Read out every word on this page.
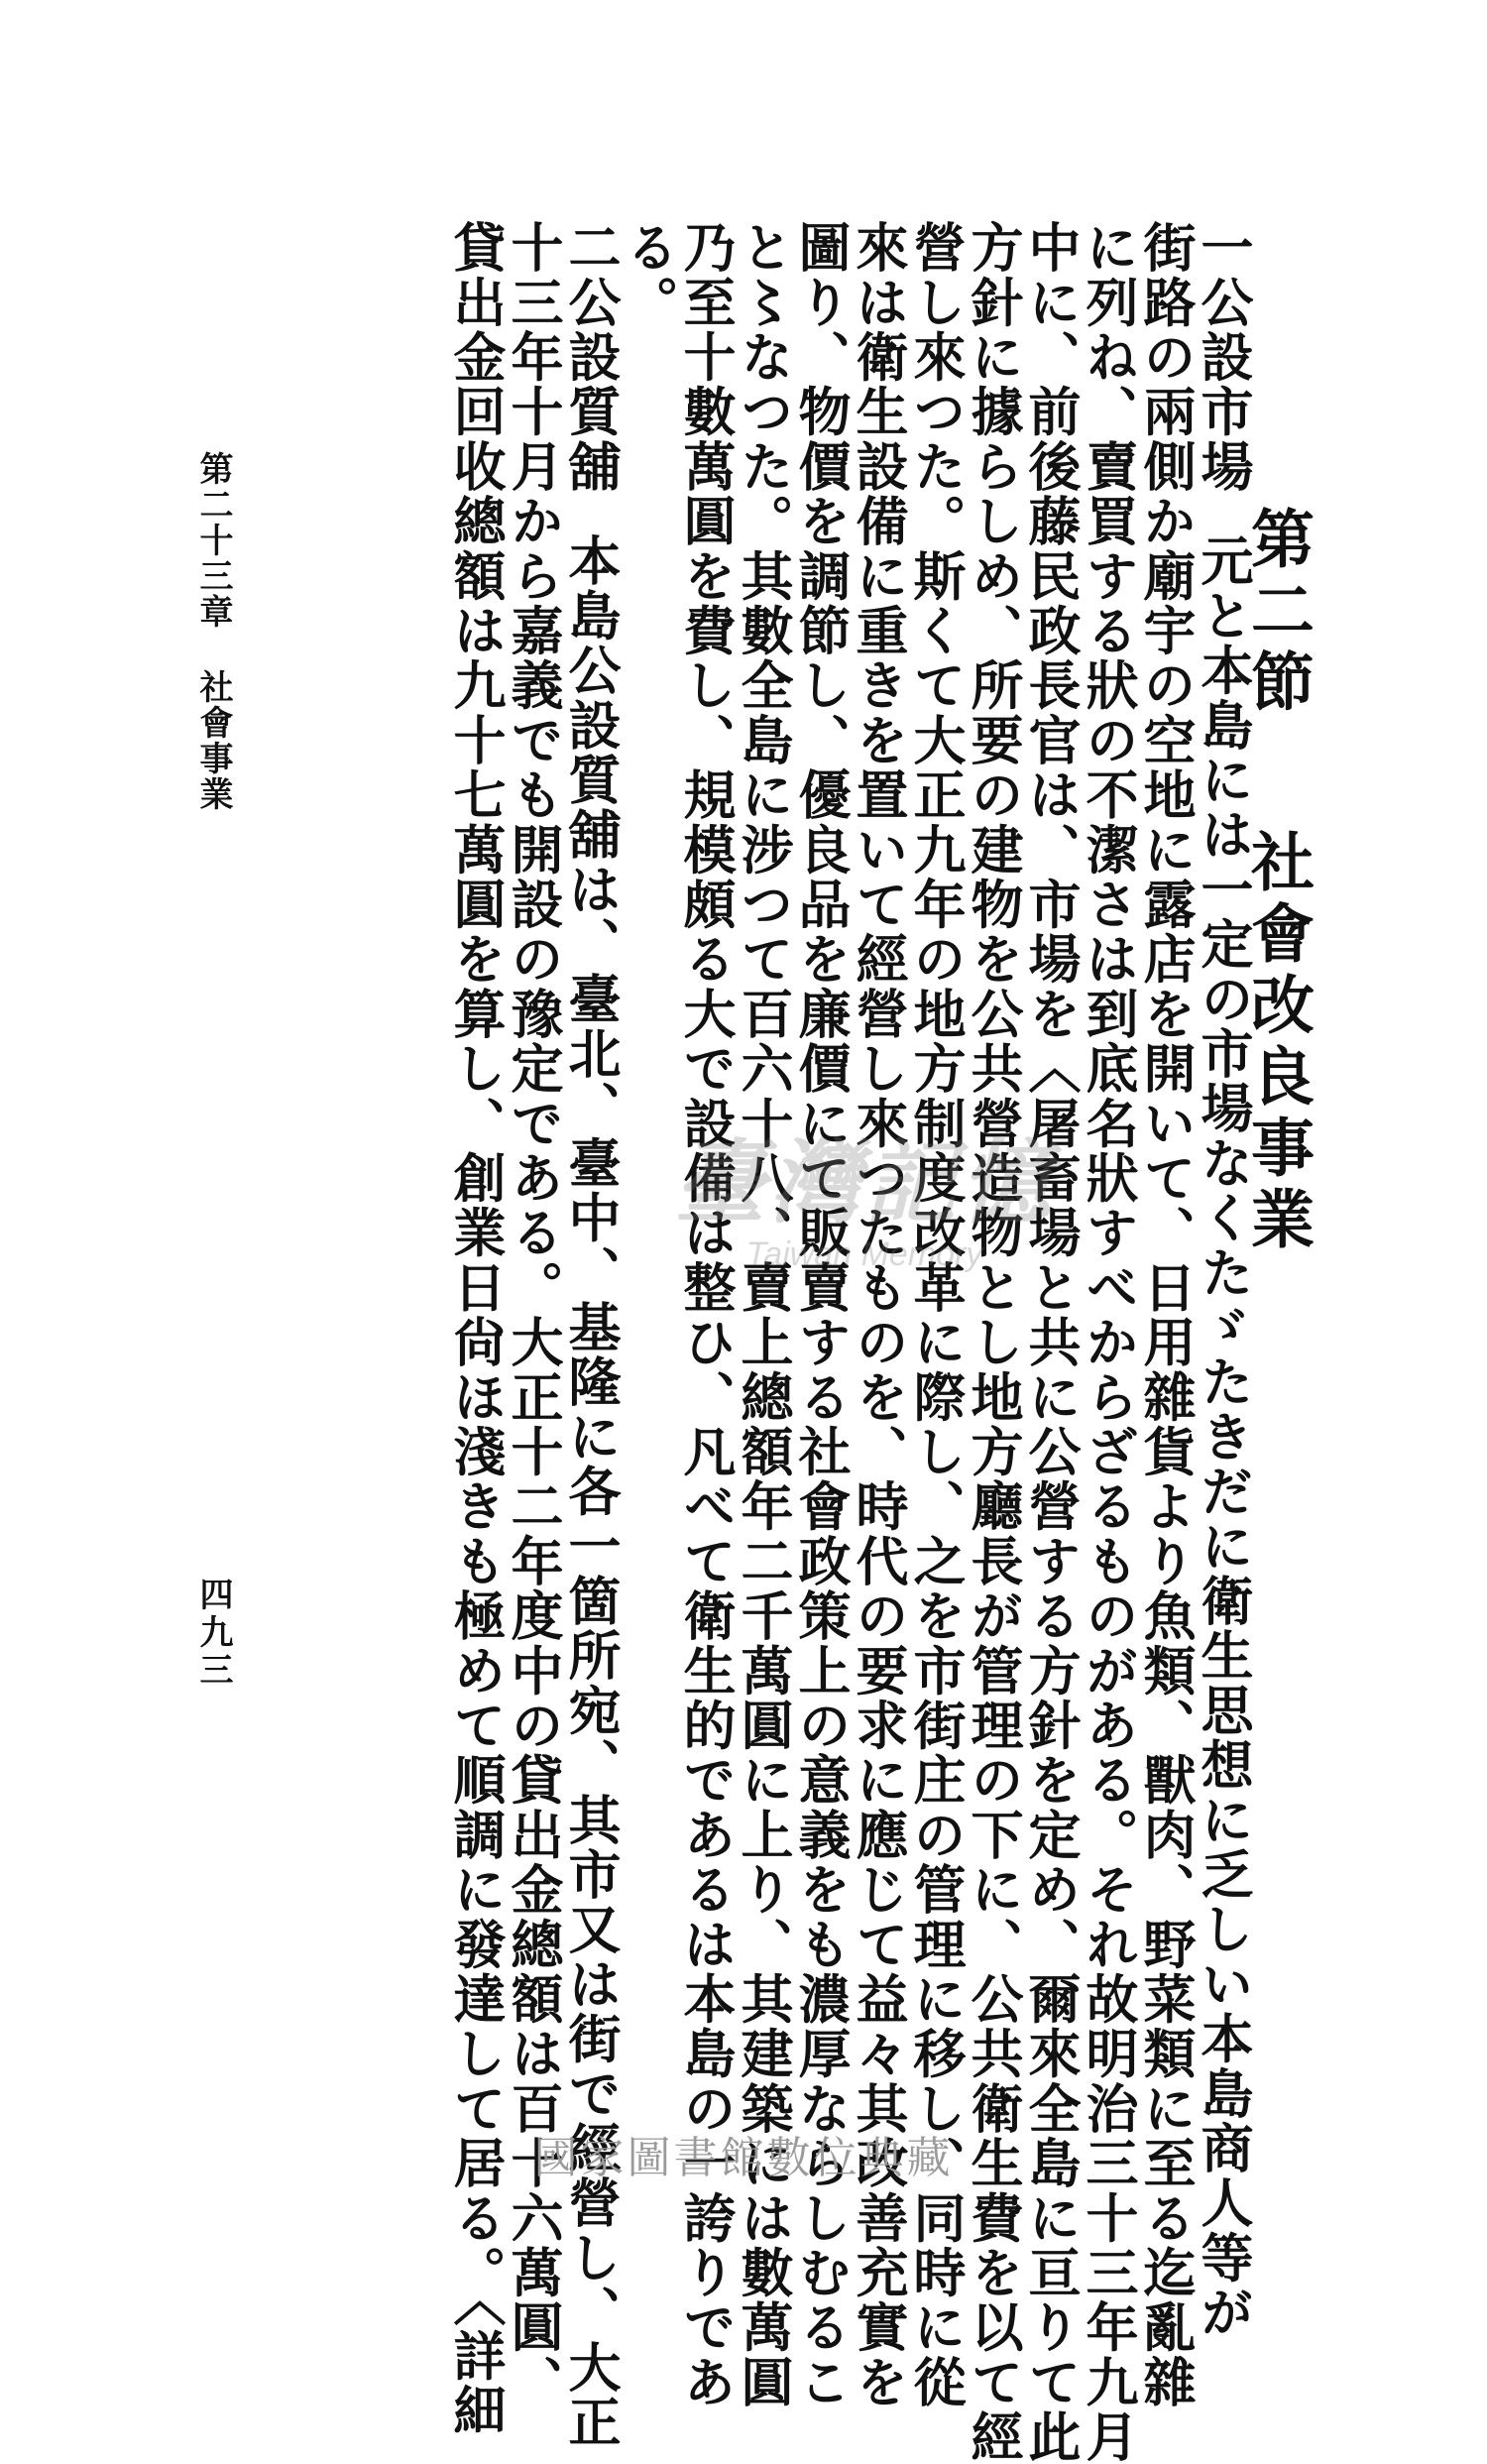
第二節社會改良事業
一公設市場元と本島には一定の市場なくたゞたきだに衛生思想に乏しい本島商人等が
街路の兩側か廟宇の空地に露店を開いて、日用雜貨より魚類、獸肉、野菜類に至る迄亂雜
に列ね、賣買する狀の不潔さは到底名狀すべからざるものがある。それ故明治三十三年九月
中に、前後藤民政長官は、市場を〈屠畜場と共に公營する方針を定め、爾來全島に亘りて此
方針に據らしめ、所要の建物を公共營造物とし地方廳長が管理の下に、公共衛生費を以て經
營し來つた。斯くて大正九年の地方制度改革に際し、之を市街庄の管理に移し、同時に從
來は衛生設備に重きを置いて經營し來つたものを、時代の要求に應じて益々其改善充實を
圖り、物價を調節し、優良品を廉價にて販賣する社會政策上の意義をも濃厚ならしむるこ
と〻なつた。其數全島に涉つて百六十八、賣上總額年二千萬圓に上り、其建築には數萬圓
乃至十數萬圓を費し、規模頗る大で設備は整ひ、凡べて衛生的であるは本島の一誇りであ
る。
二公設質舖本島公設質舖は、臺北、臺中、基隆に各一箇所宛、其市又は街で經營し、大正
十三年十月から嘉義でも開設の豫定である。大正十二年度中の貸出金總額は百十六萬圓、
貸出金回收總額は九十七萬圓を算し、創業日尙ほ淺きも極めて順調に發達して居る。〈詳細
第二十三章社會事業
四九三
臺灣記憶
Taiwan Memory
國家圖書館數位典藏
